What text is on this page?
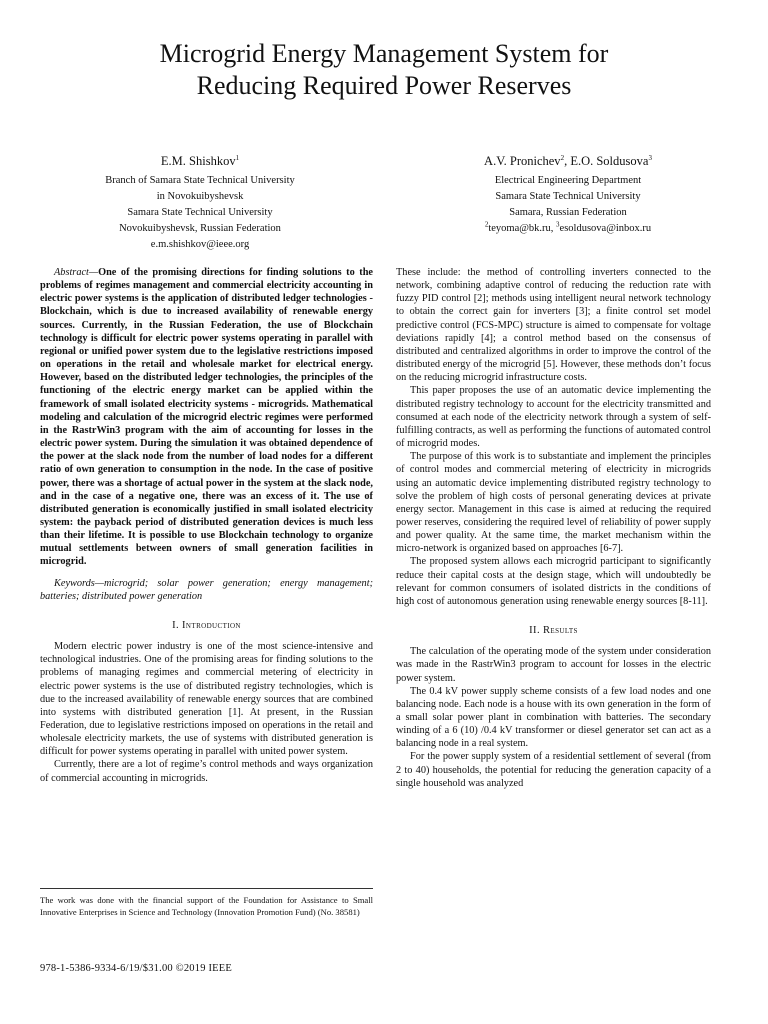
Microgrid Energy Management System for
Reducing Required Power Reserves
E.M. Shishkov$^1$
Branch of Samara State Technical University
in Novokuibyshevsk
Samara State Technical University
Novokuibyshevsk, Russian Federation
e.m.shishkov@ieee.org
A.V. Pronichev$^2$, E.O. Soldusova$^3$
Electrical Engineering Department
Samara State Technical University
Samara, Russian Federation
$^2$teyoma@bk.ru, $^3$esoldusova@inbox.ru

Abstract—One of the promising directions for finding solutions to the problems of regimes management and commercial electricity accounting in electric power systems is the application of distributed ledger technologies - Blockchain, which is due to increased availability of renewable energy sources. Currently, in the Russian Federation, the use of Blockchain technology is difficult for electric power systems operating in parallel with regional or unified power system due to the legislative restrictions imposed on operations in the retail and wholesale market for electrical energy. However, based on the distributed ledger technologies, the principles of the functioning of the electric energy market can be applied within the framework of small isolated electricity systems - microgrids. Mathematical modeling and calculation of the microgrid electric regimes were performed in the RastrWin3 program with the aim of accounting for losses in the electric power system. During the simulation it was obtained dependence of the power at the slack node from the number of load nodes for a different ratio of own generation to consumption in the node. In the case of positive power, there was a shortage of actual power in the system at the slack node, and in the case of a negative one, there was an excess of it. The use of distributed generation is economically justified in small isolated electricity system: the payback period of distributed generation devices is much less than their lifetime. It is possible to use Blockchain technology to organize mutual settlements between owners of small generation facilities in microgrid.

Keywords—microgrid; solar power generation; energy management; batteries; distributed power generation

I. Introduction

Modern electric power industry is one of the most science-intensive and technological industries. One of the promising areas for finding solutions to the problems of managing regimes and commercial metering of electricity in electric power systems is the use of distributed registry technologies, which is due to the increased availability of renewable energy sources that are combined into systems with distributed generation [1]. At present, in the Russian Federation, due to legislative restrictions imposed on operations in the retail and wholesale electricity markets, the use of systems with distributed generation is difficult for power systems operating in parallel with united power system.

Currently, there are a lot of regime’s control methods and ways organization of commercial accounting in microgrids.

These include: the method of controlling inverters connected to the network, combining adaptive control of reducing the reduction rate with fuzzy PID control [2]; methods using intelligent neural network technology to obtain the correct gain for inverters [3]; a finite control set model predictive control (FCS-MPC) structure is aimed to compensate for voltage deviations rapidly [4]; a control method based on the consensus of distributed and centralized algorithms in order to improve the control of the distributed energy of the microgrid [5]. However, these methods don’t focus on the reducing microgrid infrastructure costs.

This paper proposes the use of an automatic device implementing the distributed registry technology to account for the electricity transmitted and consumed at each node of the electricity network through a system of self-fulfilling contracts, as well as performing the functions of automated control of microgrid modes.

The purpose of this work is to substantiate and implement the principles of control modes and commercial metering of electricity in microgrids using an automatic device implementing distributed registry technology to solve the problem of high costs of personal generating devices at private energy sector. Management in this case is aimed at reducing the required power reserves, considering the required level of reliability of power supply and power quality. At the same time, the market mechanism within the micro-network is organized based on approaches [6-7].

The proposed system allows each microgrid participant to significantly reduce their capital costs at the design stage, which will undoubtedly be relevant for common consumers of isolated districts in the conditions of high cost of autonomous generation using renewable energy sources [8-11].

II. Results

The calculation of the operating mode of the system under consideration was made in the RastrWin3 program to account for losses in the electric power system.

The 0.4 kV power supply scheme consists of a few load nodes and one balancing node. Each node is a house with its own generation in the form of a small solar power plant in combination with batteries. The secondary winding of a 6 (10) /0.4 kV transformer or diesel generator set can act as a balancing node in a real system.

For the power supply system of a residential settlement of several (from 2 to 40) households, the potential for reducing the generation capacity of a single household was analyzed

The work was done with the financial support of the Foundation for Assistance to Small Innovative Enterprises in Science and Technology (Innovation Promotion Fund) (No. 38581)
978-1-5386-9334-6/19/$31.00 ©2019 IEEE
